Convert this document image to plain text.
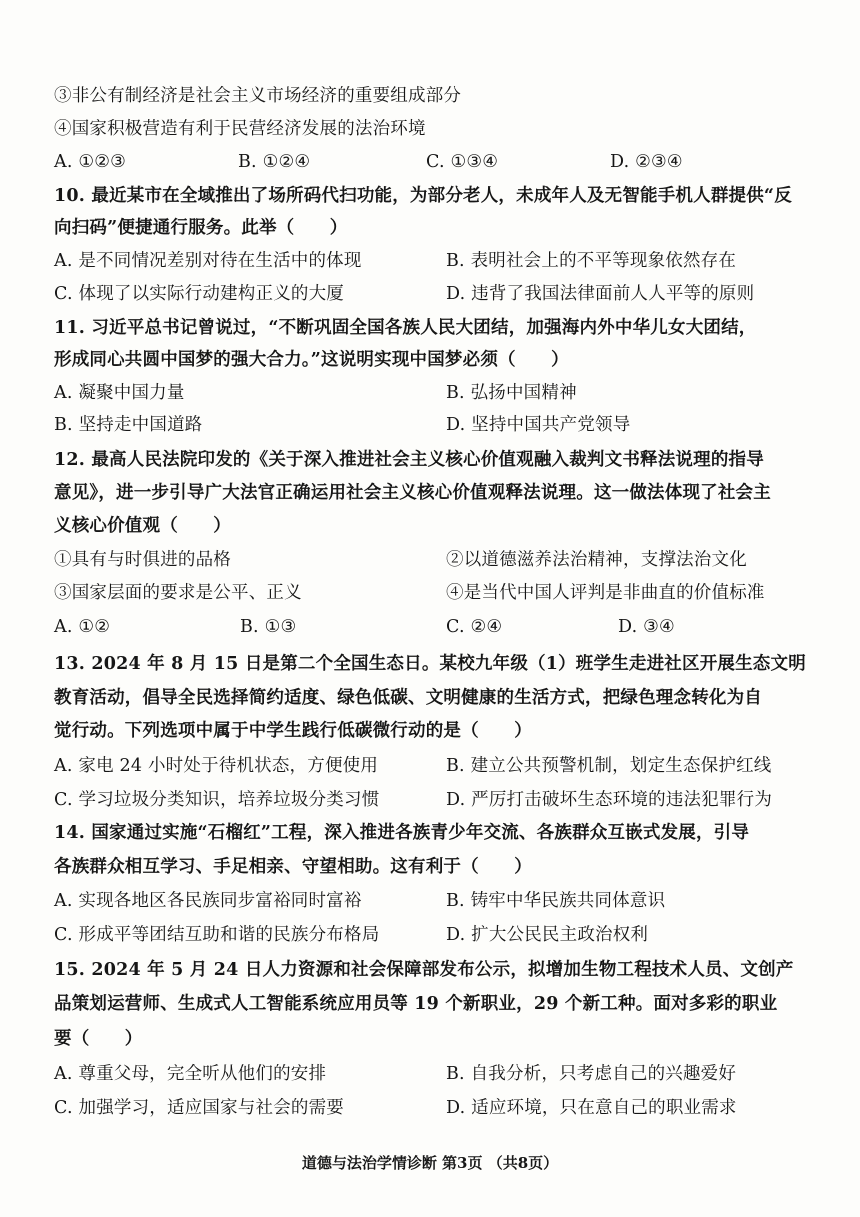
③非公有制经济是社会主义市场经济的重要组成部分
④国家积极营造有利于民营经济发展的法治环境
A. ①②③	B. ①②④	C. ①③④	D. ②③④
10. 最近某市在全域推出了场所码代扫功能，为部分老人，未成年人及无智能手机人群提供“反
向扫码”便捷通行服务。此举（　　）
A. 是不同情况差别对待在生活中的体现	B. 表明社会上的不平等现象依然存在
C. 体现了以实际行动建构正义的大厦	D. 违背了我国法律面前人人平等的原则
11. 习近平总书记曾说过，“不断巩固全国各族人民大团结，加强海内外中华儿女大团结，
形成同心共圆中国梦的强大合力。”这说明实现中国梦必须（　　）
A. 凝聚中国力量	B. 弘扬中国精神
B. 坚持走中国道路	D. 坚持中国共产党领导
12. 最高人民法院印发的《关于深入推进社会主义核心价值观融入裁判文书释法说理的指导
意见》，进一步引导广大法官正确运用社会主义核心价值观释法说理。这一做法体现了社会主
义核心价值观（　　）
①具有与时俱进的品格	②以道德滋养法治精神，支撑法治文化
③国家层面的要求是公平、正义	④是当代中国人评判是非曲直的价值标准
A. ①②	B. ①③	C. ②④	D. ③④
13. 2024 年 8 月 15 日是第二个全国生态日。某校九年级（1）班学生走进社区开展生态文明
教育活动，倡导全民选择简约适度、绿色低碳、文明健康的生活方式，把绿色理念转化为自
觉行动。下列选项中属于中学生践行低碳微行动的是（　　）
A. 家电 24 小时处于待机状态，方便使用	B. 建立公共预警机制，划定生态保护红线
C. 学习垃圾分类知识，培养垃圾分类习惯	D. 严厉打击破坏生态环境的违法犯罪行为
14. 国家通过实施“石榴红”工程，深入推进各族青少年交流、各族群众互嵌式发展，引导
各族群众相互学习、手足相亲、守望相助。这有利于（　　）
A. 实现各地区各民族同步富裕同时富裕	B. 铸牢中华民族共同体意识
C. 形成平等团结互助和谐的民族分布格局	D. 扩大公民民主政治权利
15. 2024 年 5 月 24 日人力资源和社会保障部发布公示，拟增加生物工程技术人员、文创产
品策划运营师、生成式人工智能系统应用员等 19 个新职业，29 个新工种。面对多彩的职业
要（　　）
A. 尊重父母，完全听从他们的安排	B. 自我分析，只考虑自己的兴趣爱好
C. 加强学习，适应国家与社会的需要	D. 适应环境，只在意自己的职业需求
道德与法治学情诊断 第3页 （共8页）
